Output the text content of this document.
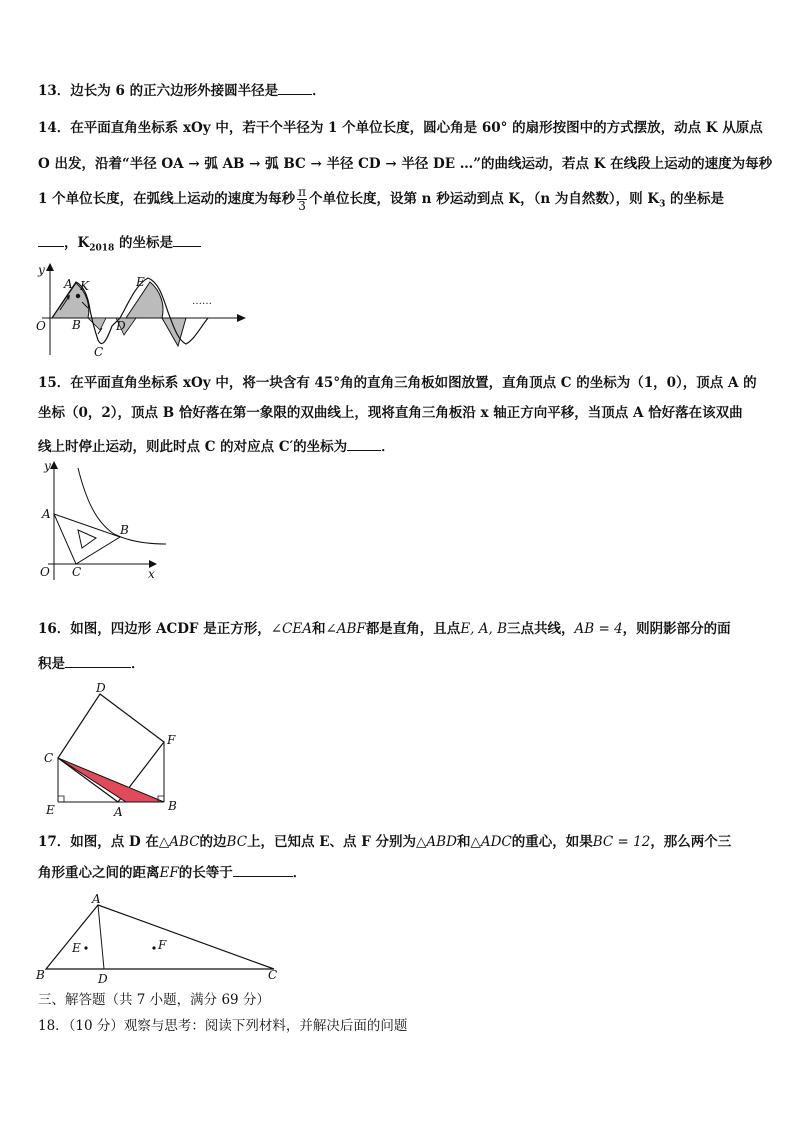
13．边长为 6 的正六边形外接圆半径是	．
14．在平面直角坐标系 xOy 中，若干个半径为 1 个单位长度，圆心角是 60° 的扇形按图中的方式摆放，动点 K 从原点
O 出发，沿着“半径 OA → 弧 AB → 弧 BC → 半径 CD → 半径 DE …”的曲线运动，若点 K 在线段上运动的速度为每秒
1 个单位长度，在弧线上运动的速度为每秒 $\frac{\pi}{3}$ 个单位长度，设第 n 秒运动到点 K，（n 为自然数），则 $K_3$ 的坐标是
，$K_{2018}$ 的坐标是
y
O
A K
B
C
D
E
……
15．在平面直角坐标系 xOy 中，将一块含有 45°角的直角三角板如图放置，直角顶点 C 的坐标为（1，0），顶点 A 的
坐标（0，2），顶点 B 恰好落在第一象限的双曲线上，现将直角三角板沿 x 轴正方向平移，当顶点 A 恰好落在该双曲
线上时停止运动，则此时点 C 的对应点 C′的坐标为	．
y
A
B
O C	x
16．如图，四边形 ACDF 是正方形，∠CEA和∠ABF都是直角，且点E, A, B三点共线，AB = 4，则阴影部分的面
积是	．
D
F
C
E	A	B
17．如图，点 D 在△ABC的边BC上，已知点 E、点 F 分别为△ABD和△ADC的重心，如果BC = 12，那么两个三
角形重心之间的距离EF的长等于	．
A
E	F
B	D	C
三、解答题（共 7 小题，满分 69 分）
18．（10 分）观察与思考：阅读下列材料，并解决后面的问题
